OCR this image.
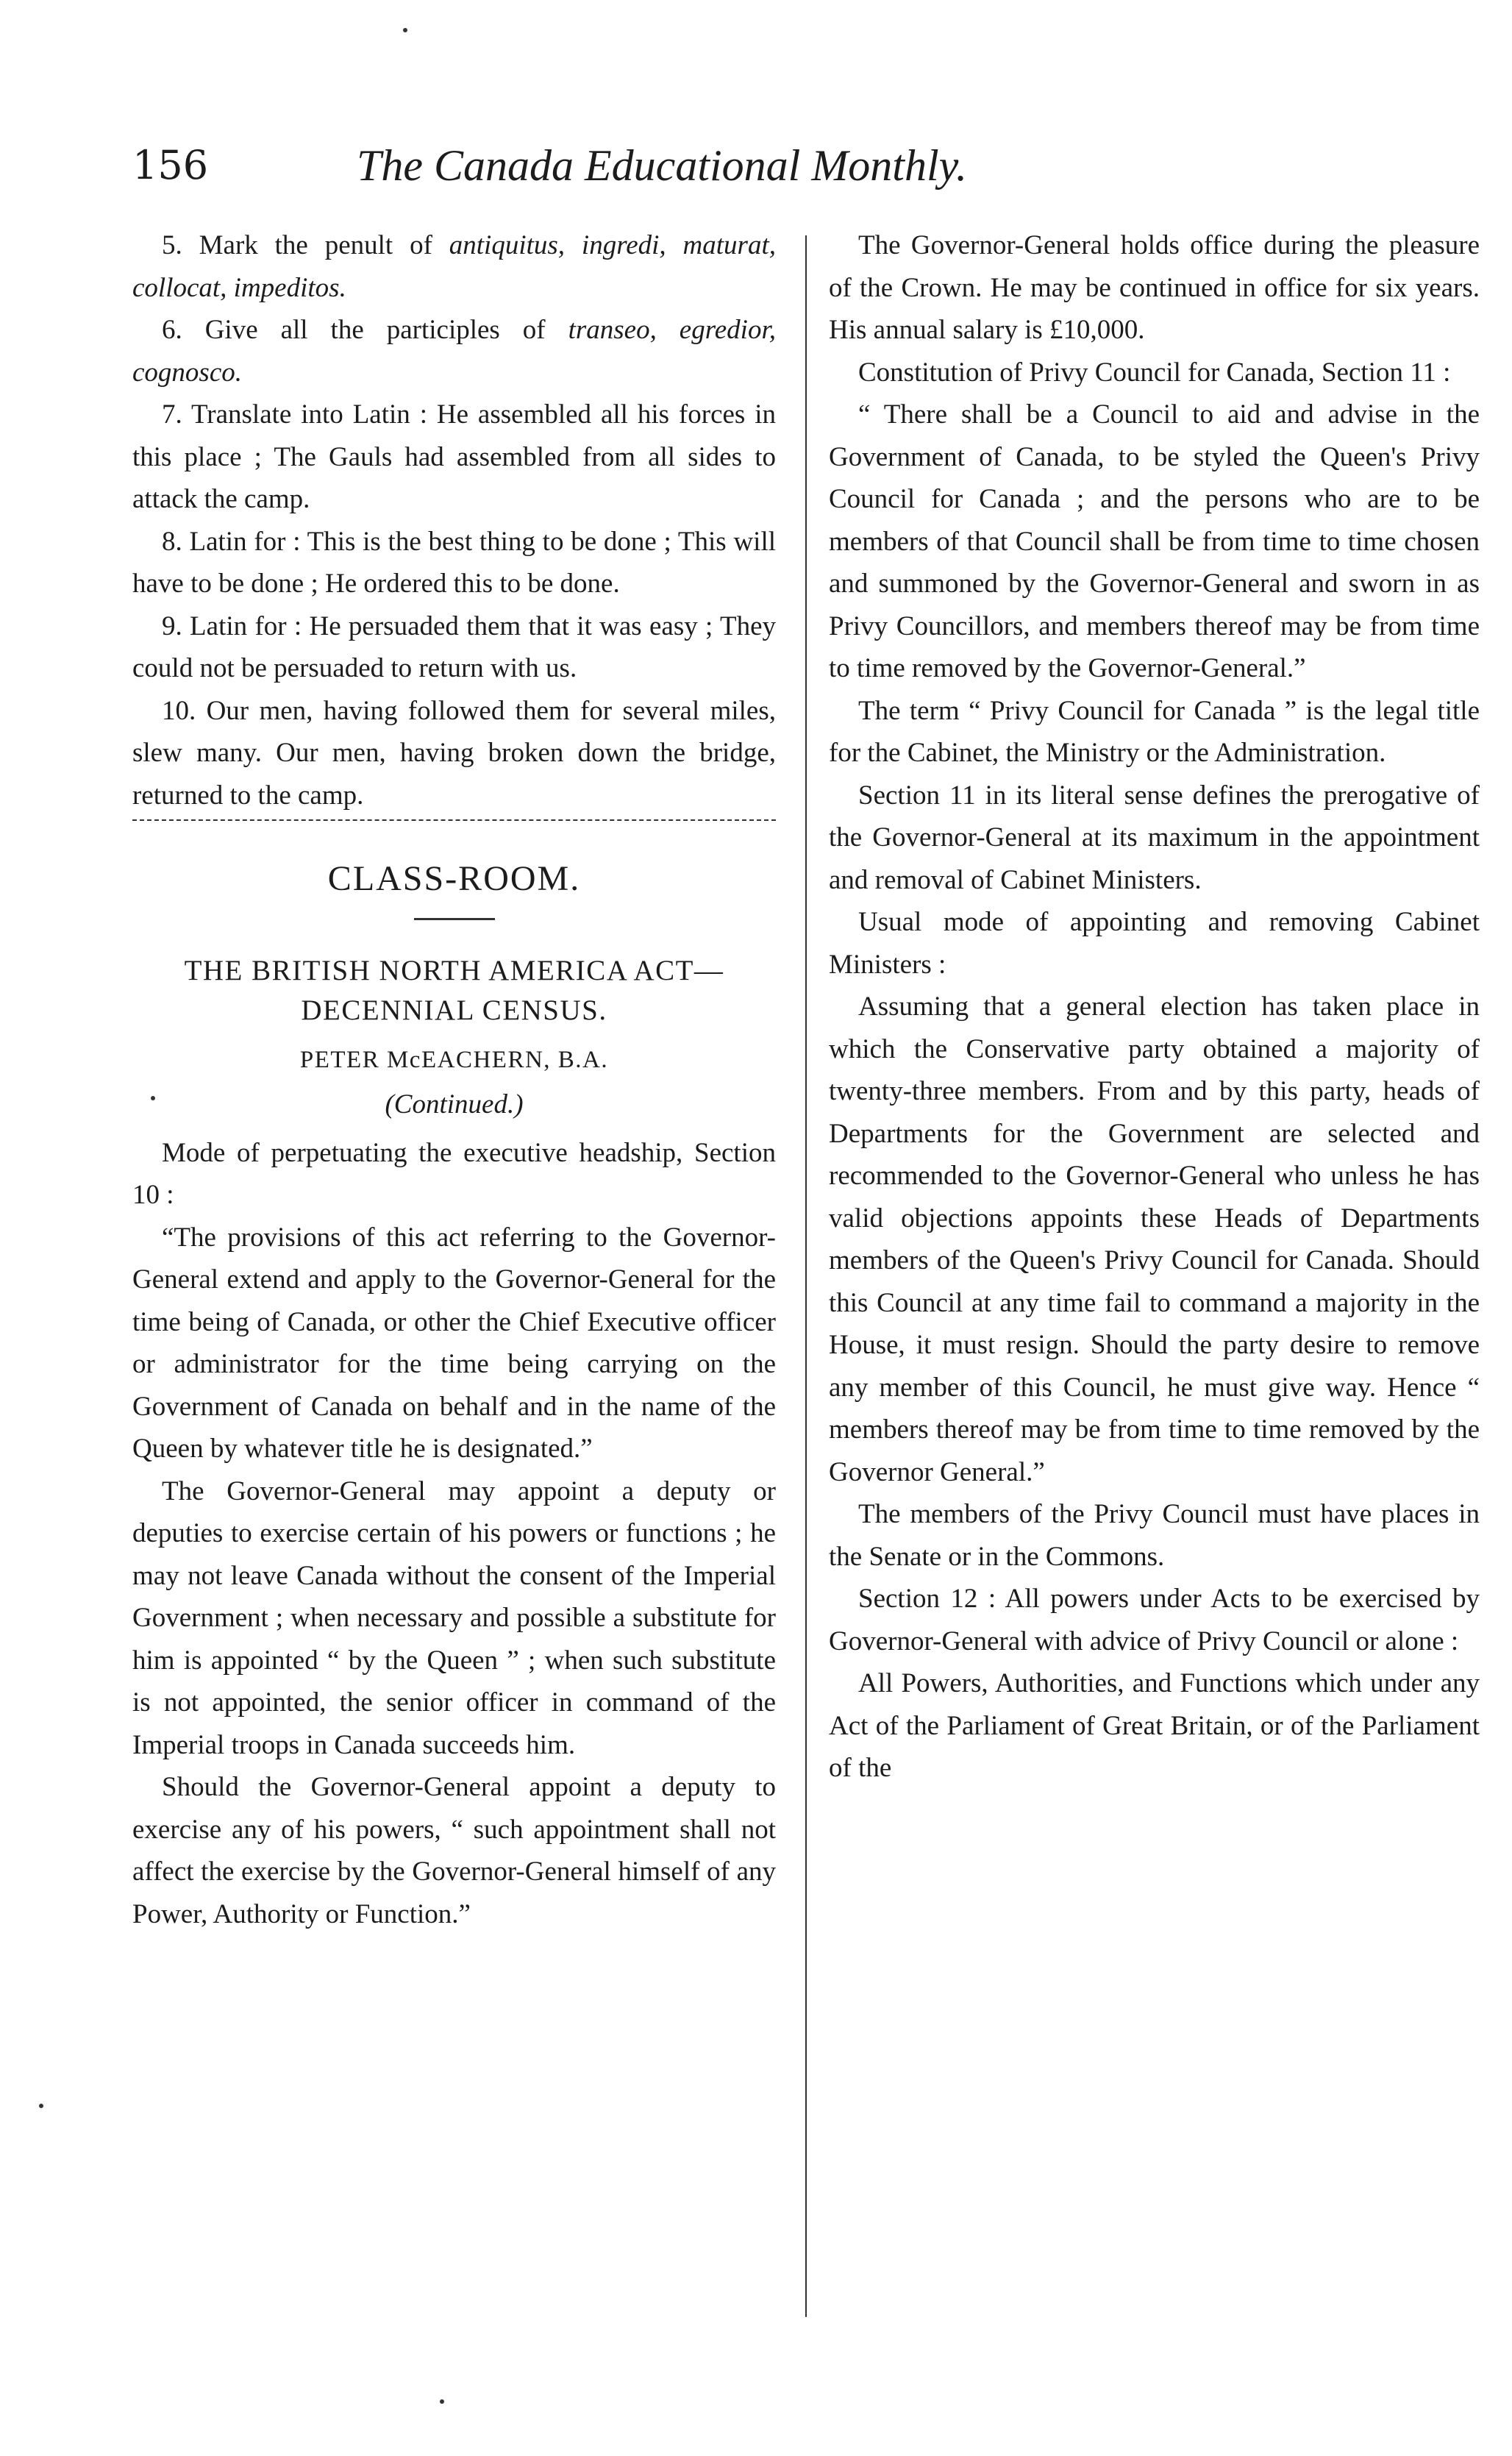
156	The Canada Educational Monthly.

5. Mark the penult of antiquitus, ingredi, maturat, collocat, impeditos.

6. Give all the participles of transeo, egredior, cognosco.

7. Translate into Latin : He assembled all his forces in this place ; The Gauls had assembled from all sides to attack the camp.

8. Latin for : This is the best thing to be done ; This will have to be done ; He ordered this to be done.

9. Latin for : He persuaded them that it was easy ; They could not be persuaded to return with us.

10. Our men, having followed them for several miles, slew many. Our men, having broken down the bridge, returned to the camp.

CLASS-ROOM.
THE BRITISH NORTH AMERICA ACT—DECENNIAL CENSUS.
PETER McEACHERN, B.A.
(Continued.)

Mode of perpetuating the executive headship, Section 10 :

“The provisions of this act referring to the Governor-General extend and apply to the Governor-General for the time being of Canada, or other the Chief Executive officer or administrator for the time being carrying on the Government of Canada on behalf and in the name of the Queen by whatever title he is designated.”

The Governor-General may appoint a deputy or deputies to exercise certain of his powers or functions ; he may not leave Canada without the consent of the Imperial Government ; when necessary and possible a substitute for him is appointed “ by the Queen ” ; when such substitute is not appointed, the senior officer in command of the Imperial troops in Canada succeeds him.

Should the Governor-General appoint a deputy to exercise any of his powers, “ such appointment shall not affect the exercise by the Governor-General himself of any Power, Authority or Function.”

The Governor-General holds office during the pleasure of the Crown. He may be continued in office for six years. His annual salary is £10,000.

Constitution of Privy Council for Canada, Section 11 :

“ There shall be a Council to aid and advise in the Government of Canada, to be styled the Queen's Privy Council for Canada ; and the persons who are to be members of that Council shall be from time to time chosen and summoned by the Governor-General and sworn in as Privy Councillors, and members thereof may be from time to time removed by the Governor-General.”

The term “ Privy Council for Canada ” is the legal title for the Cabinet, the Ministry or the Administration.

Section 11 in its literal sense defines the prerogative of the Governor-General at its maximum in the appointment and removal of Cabinet Ministers.

Usual mode of appointing and removing Cabinet Ministers :

Assuming that a general election has taken place in which the Conservative party obtained a majority of twenty-three members. From and by this party, heads of Departments for the Government are selected and recommended to the Governor-General who unless he has valid objections appoints these Heads of Departments members of the Queen's Privy Council for Canada. Should this Council at any time fail to command a majority in the House, it must resign. Should the party desire to remove any member of this Council, he must give way. Hence “ members thereof may be from time to time removed by the Governor General.”

The members of the Privy Council must have places in the Senate or in the Commons.

Section 12 : All powers under Acts to be exercised by Governor-General with advice of Privy Council or alone :

All Powers, Authorities, and Functions which under any Act of the Parliament of Great Britain, or of the Parliament of the
